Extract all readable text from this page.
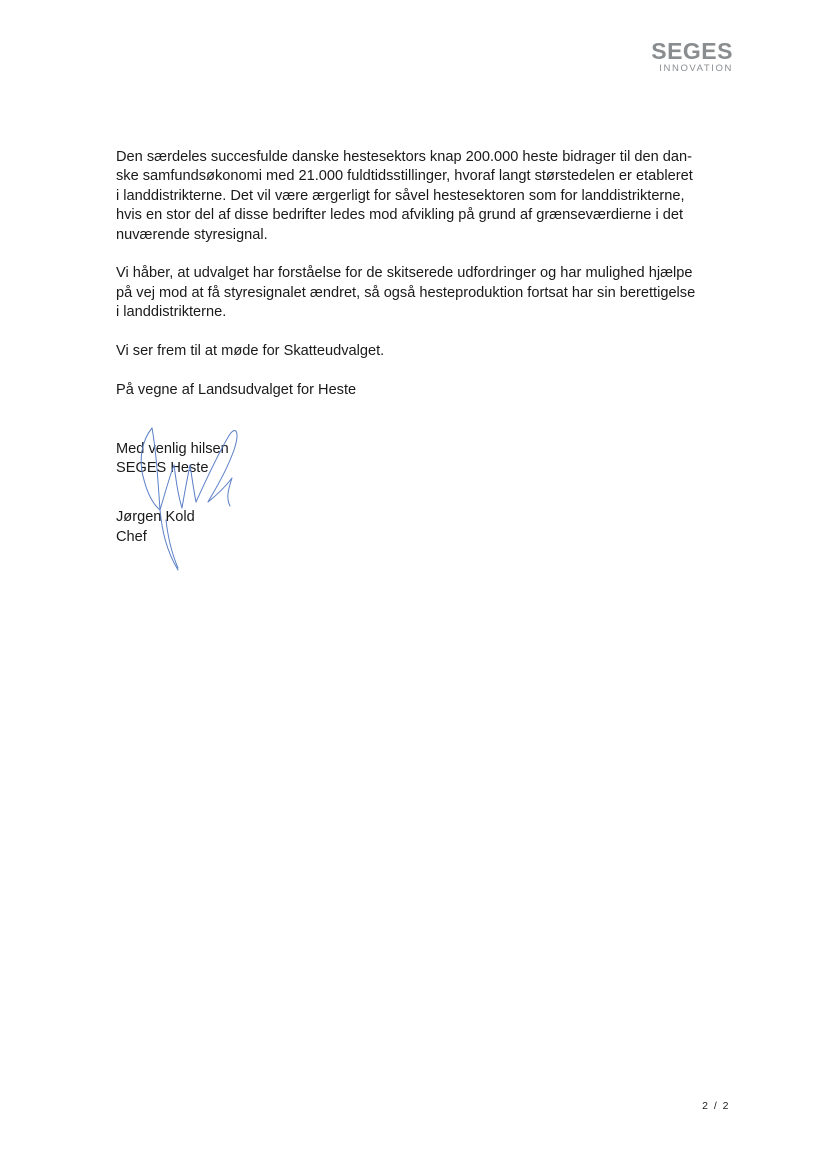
SEGES
INNOVATION

Den særdeles succesfulde danske hestesektors knap 200.000 heste bidrager til den dan-
ske samfundsøkonomi med 21.000 fuldtidsstillinger, hvoraf langt størstedelen er etableret
i landdistrikterne. Det vil være ærgerligt for såvel hestesektoren som for landdistrikterne,
hvis en stor del af disse bedrifter ledes mod afvikling på grund af grænseværdierne i det
nuværende styresignal.

Vi håber, at udvalget har forståelse for de skitserede udfordringer og har mulighed hjælpe
på vej mod at få styresignalet ændret, så også hesteproduktion fortsat har sin berettigelse
i landdistrikterne.

Vi ser frem til at møde for Skatteudvalget.

På vegne af Landsudvalget for Heste

Med venlig hilsen
SEGES Heste
Jørgen Kold
Chef
2 / 2
